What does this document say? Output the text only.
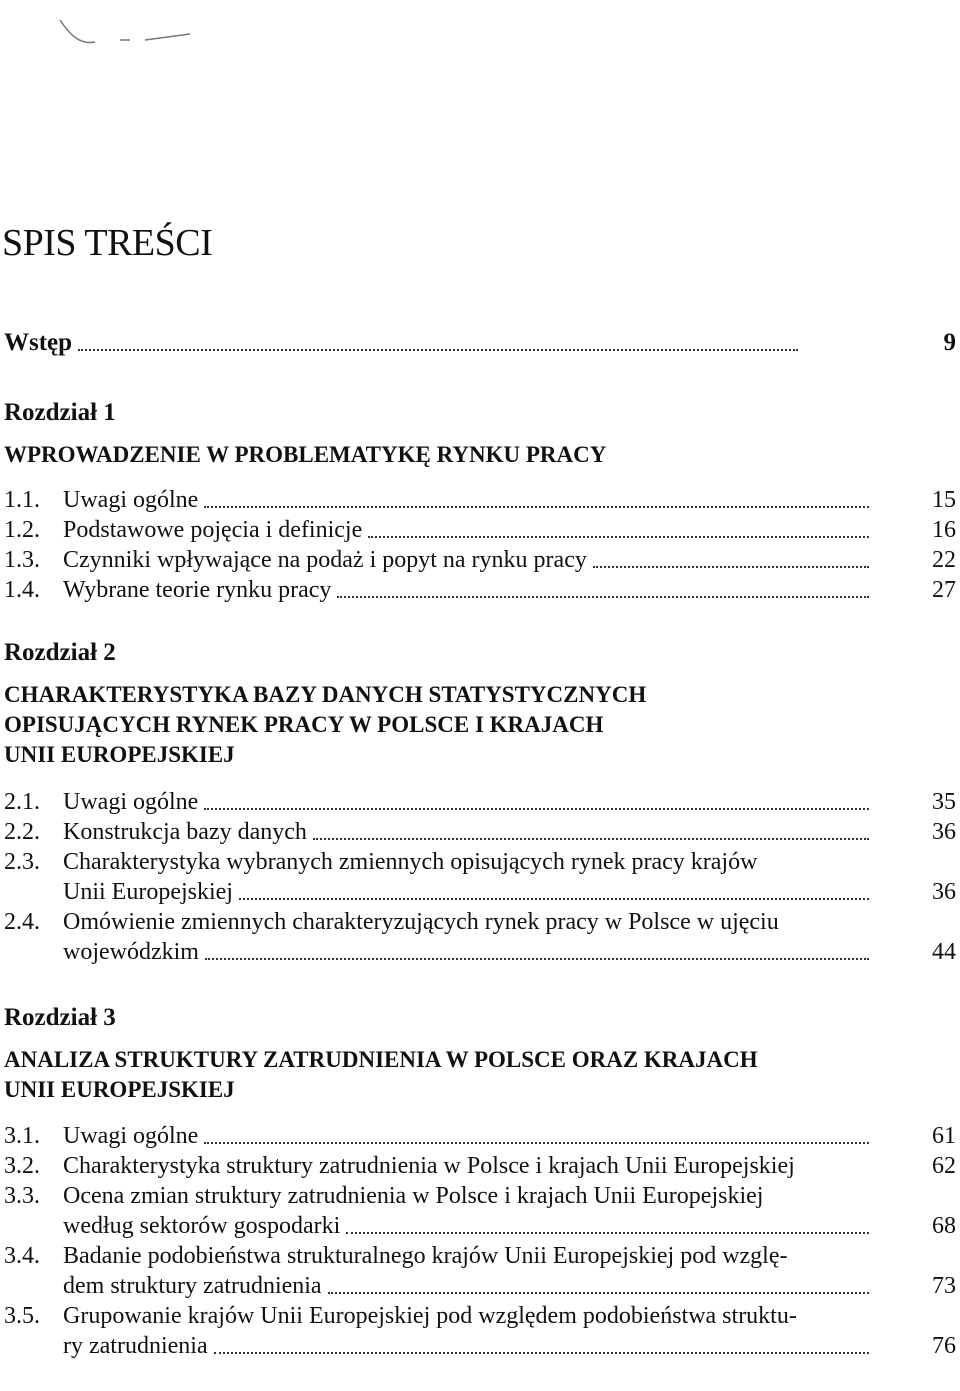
SPIS TREŚCI
Wstęp	9
Rozdział 1
WPROWADZENIE W PROBLEMATYKĘ RYNKU PRACY
1.1. Uwagi ogólne	15
1.2. Podstawowe pojęcia i definicje	16
1.3. Czynniki wpływające na podaż i popyt na rynku pracy	22
1.4. Wybrane teorie rynku pracy	27
Rozdział 2
CHARAKTERYSTYKA BAZY DANYCH STATYSTYCZNYCH
OPISUJĄCYCH RYNEK PRACY W POLSCE I KRAJACH
UNII EUROPEJSKIEJ
2.1. Uwagi ogólne	35
2.2. Konstrukcja bazy danych	36
2.3. Charakterystyka wybranych zmiennych opisujących rynek pracy krajów
Unii Europejskiej	36
2.4. Omówienie zmiennych charakteryzujących rynek pracy w Polsce w ujęciu
wojewódzkim	44
Rozdział 3
ANALIZA STRUKTURY ZATRUDNIENIA W POLSCE ORAZ KRAJACH
UNII EUROPEJSKIEJ
3.1. Uwagi ogólne	61
3.2. Charakterystyka struktury zatrudnienia w Polsce i krajach Unii Europejskiej	62
3.3. Ocena zmian struktury zatrudnienia w Polsce i krajach Unii Europejskiej
według sektorów gospodarki	68
3.4. Badanie podobieństwa strukturalnego krajów Unii Europejskiej pod wzglę-
dem struktury zatrudnienia	73
3.5. Grupowanie krajów Unii Europejskiej pod względem podobieństwa struktu-
ry zatrudnienia	76
